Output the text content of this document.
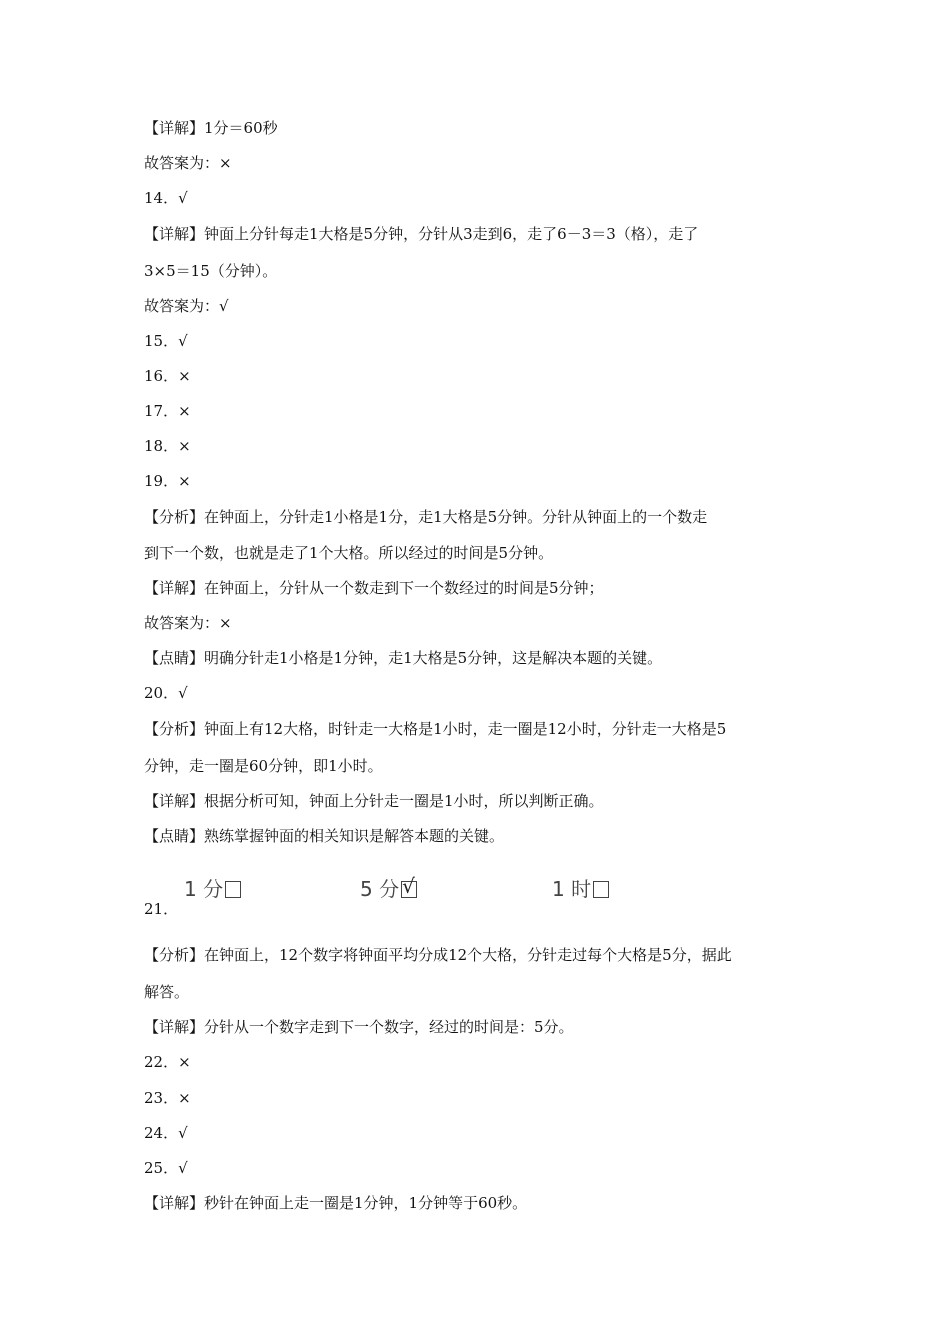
【详解】1分＝60秒
故答案为：×
14．√
【详解】钟面上分针每走1大格是5分钟，分针从3走到6，走了6－3＝3（格），走了
3×5＝15（分钟）。
故答案为：√
15．√
16．×
17．×
18．×
19．×
【分析】在钟面上，分针走1小格是1分，走1大格是5分钟。分针从钟面上的一个数走
到下一个数，也就是走了1个大格。所以经过的时间是5分钟。
【详解】在钟面上，分针从一个数走到下一个数经过的时间是5分钟；
故答案为：×
【点睛】明确分针走1小格是1分钟，走1大格是5分钟，这是解决本题的关键。
20．√
【分析】钟面上有12大格，时针走一大格是1小时，走一圈是12小时，分针走一大格是5
分钟，走一圈是60分钟，即1小时。
【详解】根据分析可知，钟面上分针走一圈是1小时，所以判断正确。
【点睛】熟练掌握钟面的相关知识是解答本题的关键。
1 分	5 分 √	1 时
21．
【分析】在钟面上，12个数字将钟面平均分成12个大格，分针走过每个大格是5分，据此
解答。
【详解】分针从一个数字走到下一个数字，经过的时间是：5分。
22．×
23．×
24．√
25．√
【详解】秒针在钟面上走一圈是1分钟，1分钟等于60秒。
